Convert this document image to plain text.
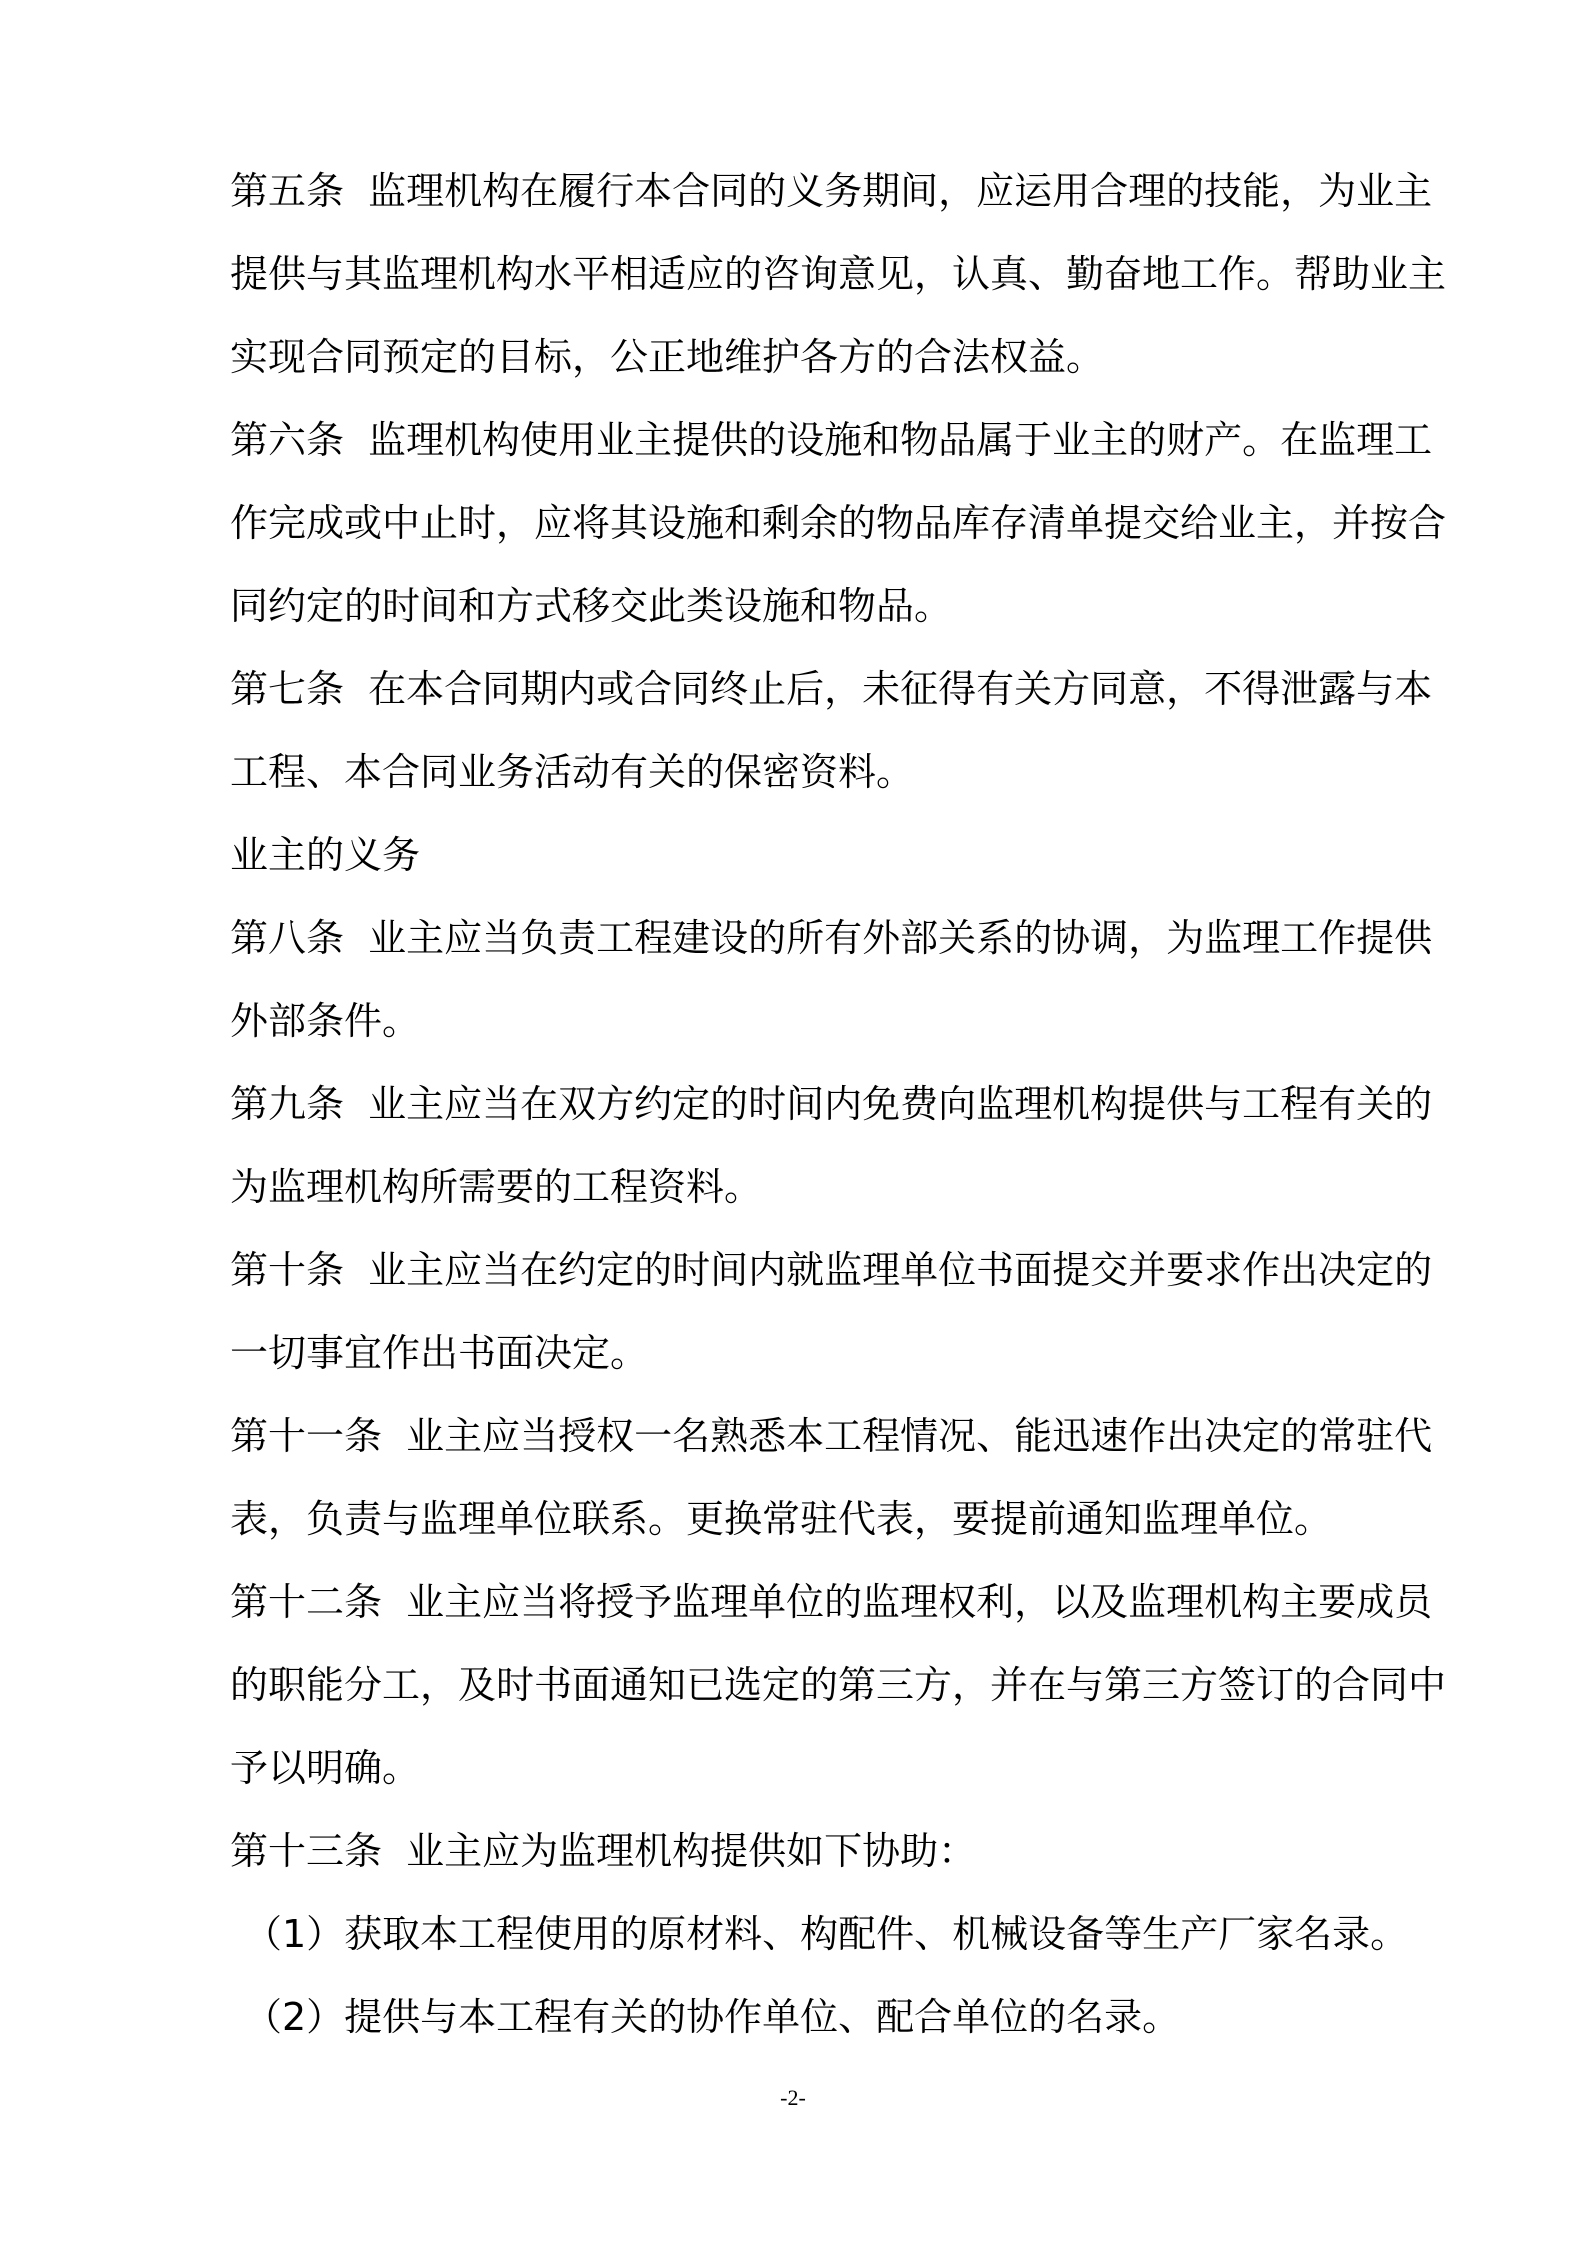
第五条  监理机构在履行本合同的义务期间，应运用合理的技能，为业主提供与其监理机构水平相适应的咨询意见，认真、勤奋地工作。帮助业主实现合同预定的目标，公正地维护各方的合法权益。

第六条  监理机构使用业主提供的设施和物品属于业主的财产。在监理工作完成或中止时，应将其设施和剩余的物品库存清单提交给业主，并按合同约定的时间和方式移交此类设施和物品。

第七条  在本合同期内或合同终止后，未征得有关方同意，不得泄露与本工程、本合同业务活动有关的保密资料。

业主的义务

第八条  业主应当负责工程建设的所有外部关系的协调，为监理工作提供外部条件。

第九条  业主应当在双方约定的时间内免费向监理机构提供与工程有关的为监理机构所需要的工程资料。

第十条  业主应当在约定的时间内就监理单位书面提交并要求作出决定的一切事宜作出书面决定。

第十一条  业主应当授权一名熟悉本工程情况、能迅速作出决定的常驻代表，负责与监理单位联系。更换常驻代表，要提前通知监理单位。

第十二条  业主应当将授予监理单位的监理权利，以及监理机构主要成员的职能分工，及时书面通知已选定的第三方，并在与第三方签订的合同中予以明确。

第十三条  业主应为监理机构提供如下协助：

（1）获取本工程使用的原材料、构配件、机械设备等生产厂家名录。

（2）提供与本工程有关的协作单位、配合单位的名录。

-2-
